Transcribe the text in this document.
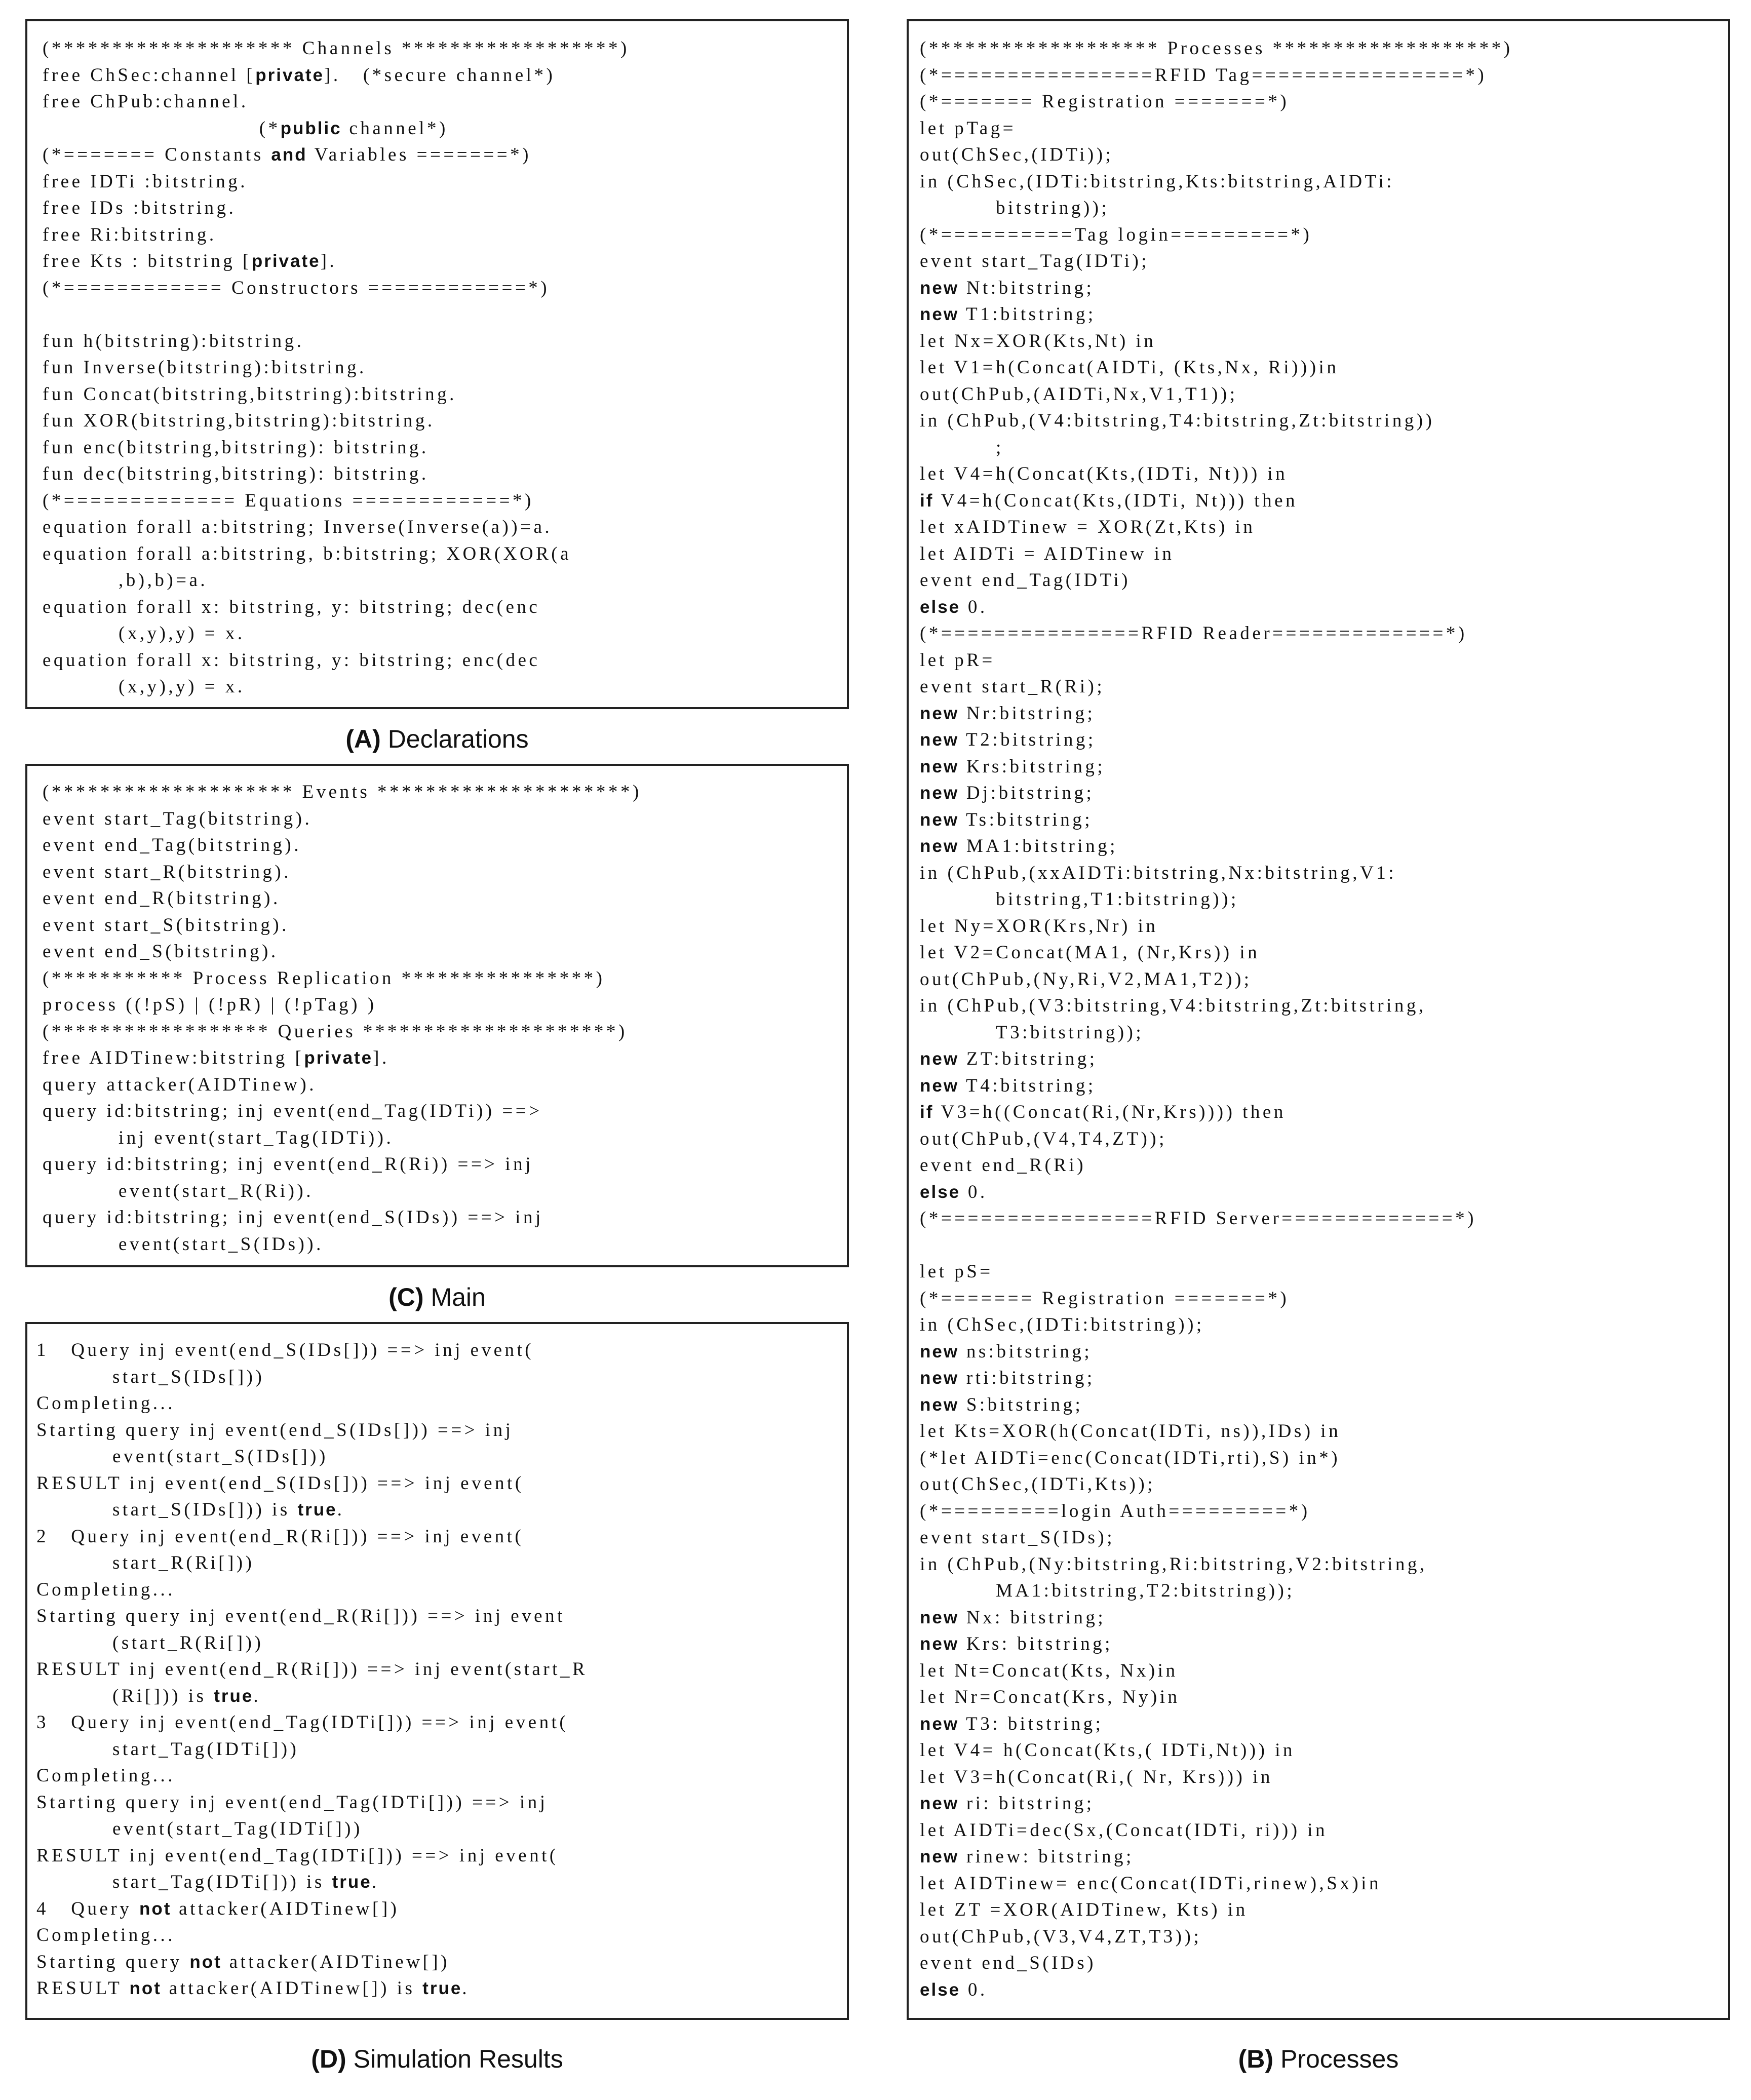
(******************** Channels ******************)
free ChSec:channel [private].   (*secure channel*)
free ChPub:channel.
(*public channel*)
(*======= Constants and Variables =======*)
free IDTi :bitstring.
free IDs :bitstring.
free Ri:bitstring.
free Kts : bitstring [private].
(*============ Constructors ============*)

fun h(bitstring):bitstring.
fun Inverse(bitstring):bitstring.
fun Concat(bitstring,bitstring):bitstring.
fun XOR(bitstring,bitstring):bitstring.
fun enc(bitstring,bitstring): bitstring.
fun dec(bitstring,bitstring): bitstring.
(*============= Equations ============*)
equation forall a:bitstring; Inverse(Inverse(a))=a.
equation forall a:bitstring, b:bitstring; XOR(XOR(a
,b),b)=a.
equation forall x: bitstring, y: bitstring; dec(enc
(x,y),y) = x.
equation forall x: bitstring, y: bitstring; enc(dec
(x,y),y) = x.
(A) Declarations
(******************** Events *********************)
event start_Tag(bitstring).
event end_Tag(bitstring).
event start_R(bitstring).
event end_R(bitstring).
event start_S(bitstring).
event end_S(bitstring).
(*********** Process Replication ****************)
process ((!pS) | (!pR) | (!pTag) )
(****************** Queries *********************)
free AIDTinew:bitstring [private].
query attacker(AIDTinew).
query id:bitstring; inj event(end_Tag(IDTi)) ==>
inj event(start_Tag(IDTi)).
query id:bitstring; inj event(end_R(Ri)) ==> inj
event(start_R(Ri)).
query id:bitstring; inj event(end_S(IDs)) ==> inj
event(start_S(IDs)).
(C) Main
1   Query inj event(end_S(IDs[])) ==> inj event(
start_S(IDs[]))
Completing...
Starting query inj event(end_S(IDs[])) ==> inj
event(start_S(IDs[]))
RESULT inj event(end_S(IDs[])) ==> inj event(
start_S(IDs[])) is true.
2   Query inj event(end_R(Ri[])) ==> inj event(
start_R(Ri[]))
Completing...
Starting query inj event(end_R(Ri[])) ==> inj event
(start_R(Ri[]))
RESULT inj event(end_R(Ri[])) ==> inj event(start_R
(Ri[])) is true.
3   Query inj event(end_Tag(IDTi[])) ==> inj event(
start_Tag(IDTi[]))
Completing...
Starting query inj event(end_Tag(IDTi[])) ==> inj
event(start_Tag(IDTi[]))
RESULT inj event(end_Tag(IDTi[])) ==> inj event(
start_Tag(IDTi[])) is true.
4   Query not attacker(AIDTinew[])
Completing...
Starting query not attacker(AIDTinew[])
RESULT not attacker(AIDTinew[]) is true.
(D) Simulation Results
(******************* Processes *******************)
(*================RFID Tag================*)
(*======= Registration =======*)
let pTag=
out(ChSec,(IDTi));
in (ChSec,(IDTi:bitstring,Kts:bitstring,AIDTi:
bitstring));
(*==========Tag login=========*)
event start_Tag(IDTi);
new Nt:bitstring;
new T1:bitstring;
let Nx=XOR(Kts,Nt) in
let V1=h(Concat(AIDTi, (Kts,Nx, Ri)))in
out(ChPub,(AIDTi,Nx,V1,T1));
in (ChPub,(V4:bitstring,T4:bitstring,Zt:bitstring))
;
let V4=h(Concat(Kts,(IDTi, Nt))) in
if V4=h(Concat(Kts,(IDTi, Nt))) then
let xAIDTinew = XOR(Zt,Kts) in
let AIDTi = AIDTinew in
event end_Tag(IDTi)
else 0.
(*===============RFID Reader=============*)
let pR=
event start_R(Ri);
new Nr:bitstring;
new T2:bitstring;
new Krs:bitstring;
new Dj:bitstring;
new Ts:bitstring;
new MA1:bitstring;
in (ChPub,(xxAIDTi:bitstring,Nx:bitstring,V1:
bitstring,T1:bitstring));
let Ny=XOR(Krs,Nr) in
let V2=Concat(MA1, (Nr,Krs)) in
out(ChPub,(Ny,Ri,V2,MA1,T2));
in (ChPub,(V3:bitstring,V4:bitstring,Zt:bitstring,
T3:bitstring));
new ZT:bitstring;
new T4:bitstring;
if V3=h((Concat(Ri,(Nr,Krs)))) then
out(ChPub,(V4,T4,ZT));
event end_R(Ri)
else 0.
(*================RFID Server=============*)

let pS=
(*======= Registration =======*)
in (ChSec,(IDTi:bitstring));
new ns:bitstring;
new rti:bitstring;
new S:bitstring;
let Kts=XOR(h(Concat(IDTi, ns)),IDs) in
(*let AIDTi=enc(Concat(IDTi,rti),S) in*)
out(ChSec,(IDTi,Kts));
(*=========login Auth=========*)
event start_S(IDs);
in (ChPub,(Ny:bitstring,Ri:bitstring,V2:bitstring,
MA1:bitstring,T2:bitstring));
new Nx: bitstring;
new Krs: bitstring;
let Nt=Concat(Kts, Nx)in
let Nr=Concat(Krs, Ny)in
new T3: bitstring;
let V4= h(Concat(Kts,( IDTi,Nt))) in
let V3=h(Concat(Ri,( Nr, Krs))) in
new ri: bitstring;
let AIDTi=dec(Sx,(Concat(IDTi, ri))) in
new rinew: bitstring;
let AIDTinew= enc(Concat(IDTi,rinew),Sx)in
let ZT =XOR(AIDTinew, Kts) in
out(ChPub,(V3,V4,ZT,T3));
event end_S(IDs)
else 0.
(B) Processes
